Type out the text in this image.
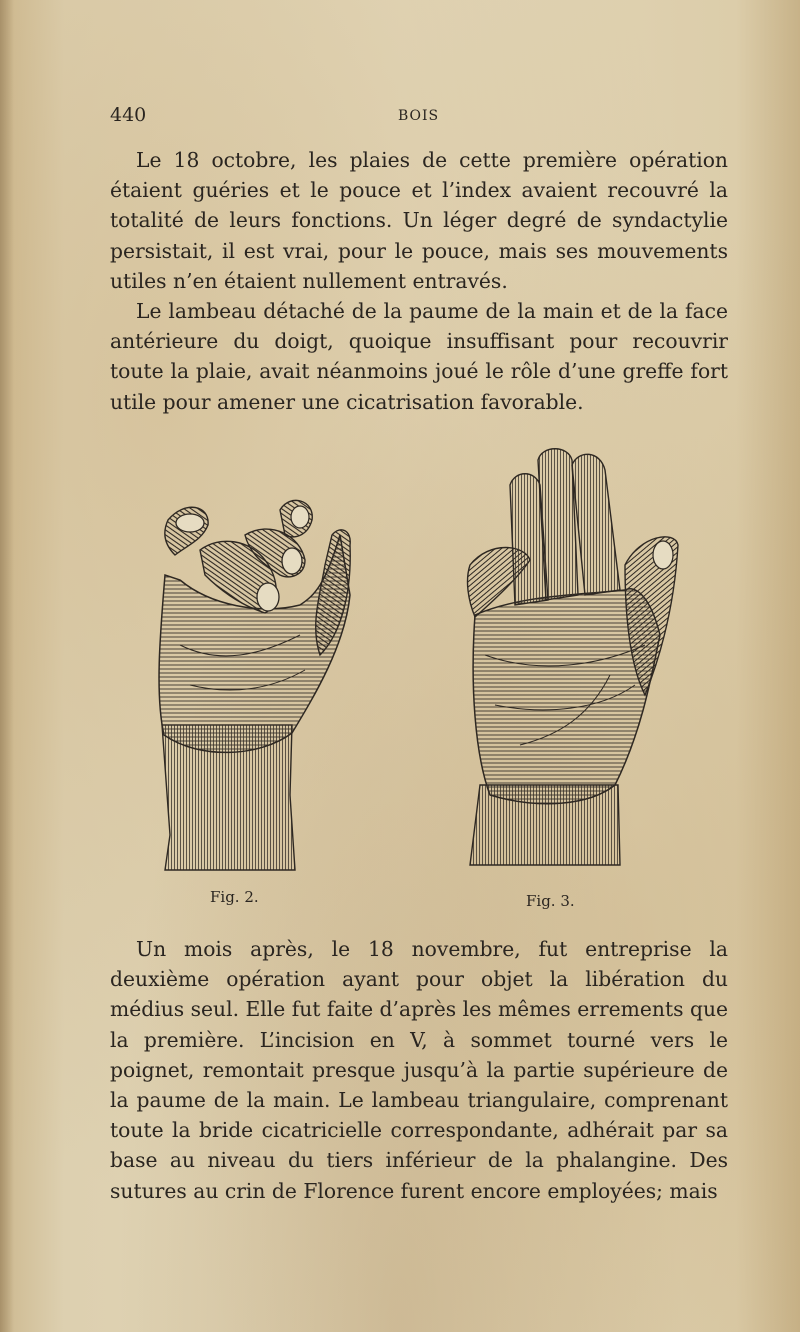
440	BOIS

Le 18 octobre, les plaies de cette première opération étaient guéries et le pouce et l’index avaient recouvré la totalité de leurs fonctions. Un léger degré de syndactylie persistait, il est vrai, pour le pouce, mais ses mouvements utiles n’en étaient nullement entravés.

Le lambeau détaché de la paume de la main et de la face antérieure du doigt, quoique insuffisant pour recouvrir toute la plaie, avait néanmoins joué le rôle d’une greffe fort utile pour amener une cicatrisation favorable.

Fig. 2.	Fig. 3.

Un mois après, le 18 novembre, fut entreprise la deuxième opération ayant pour objet la libération du médius seul. Elle fut faite d’après les mêmes errements que la première. L’incision en V, à sommet tourné vers le poignet, remontait presque jusqu’à la partie supérieure de la paume de la main. Le lambeau triangulaire, comprenant toute la bride cicatricielle correspondante, adhérait par sa base au niveau du tiers inférieur de la phalangine. Des sutures au crin de Florence furent encore employées; mais
